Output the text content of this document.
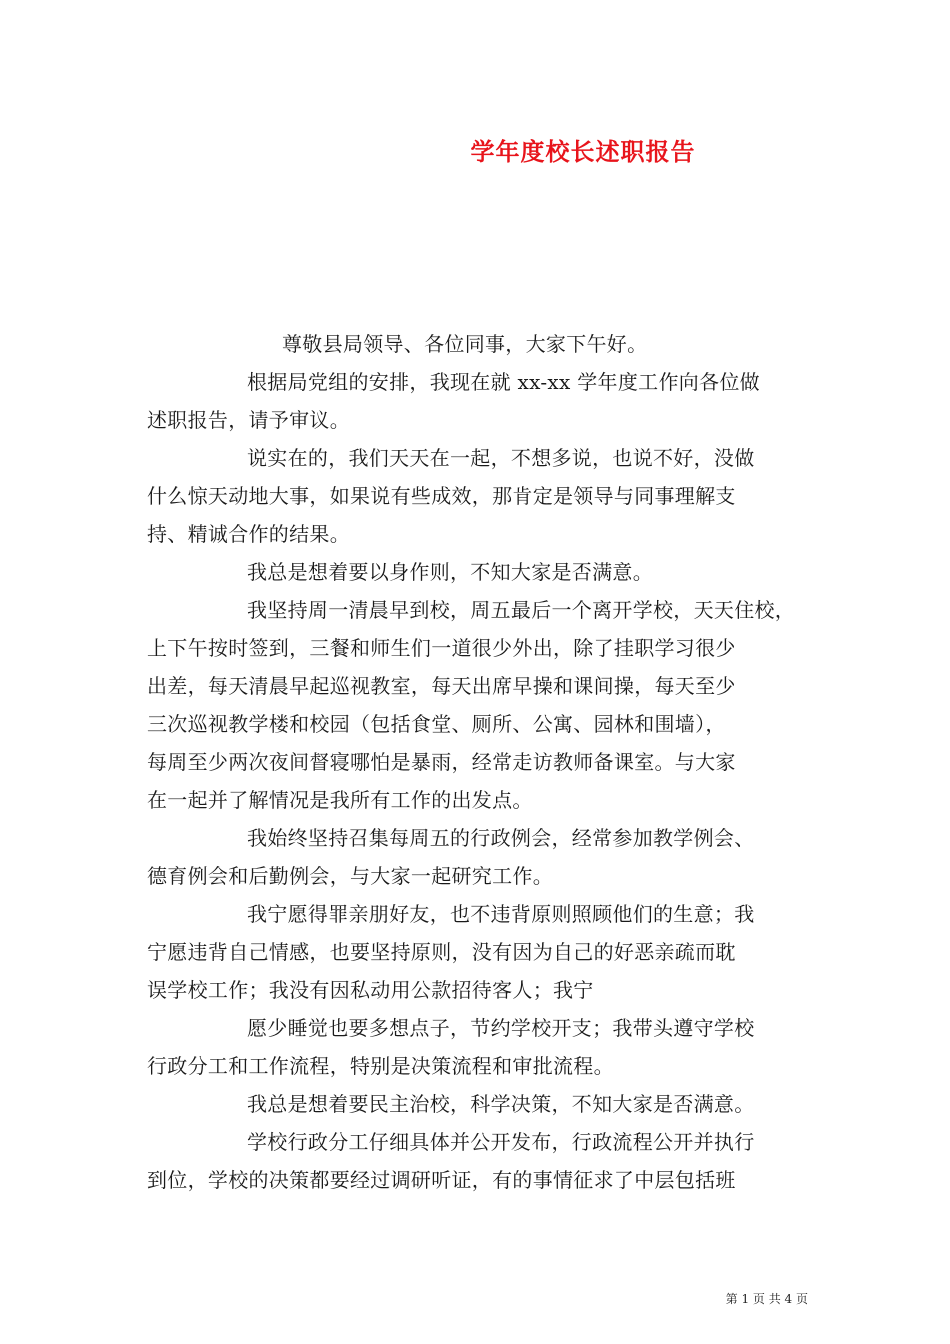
学年度校长述职报告
尊敬县局领导、各位同事，大家下午好。
根据局党组的安排，我现在就 xx-xx 学年度工作向各位做
述职报告，请予审议。
说实在的，我们天天在一起，不想多说，也说不好，没做
什么惊天动地大事，如果说有些成效，那肯定是领导与同事理解支
持、精诚合作的结果。
我总是想着要以身作则，不知大家是否满意。
我坚持周一清晨早到校，周五最后一个离开学校，天天住校，
上下午按时签到，三餐和师生们一道很少外出，除了挂职学习很少
出差，每天清晨早起巡视教室，每天出席早操和课间操，每天至少
三次巡视教学楼和校园（包括食堂、厕所、公寓、园林和围墙），
每周至少两次夜间督寝哪怕是暴雨，经常走访教师备课室。与大家
在一起并了解情况是我所有工作的出发点。
我始终坚持召集每周五的行政例会，经常参加教学例会、
德育例会和后勤例会，与大家一起研究工作。
我宁愿得罪亲朋好友，也不违背原则照顾他们的生意；我
宁愿违背自己情感，也要坚持原则，没有因为自己的好恶亲疏而耽
误学校工作；我没有因私动用公款招待客人；我宁
愿少睡觉也要多想点子，节约学校开支；我带头遵守学校
行政分工和工作流程，特别是决策流程和审批流程。
我总是想着要民主治校，科学决策，不知大家是否满意。
学校行政分工仔细具体并公开发布，行政流程公开并执行
到位，学校的决策都要经过调研听证，有的事情征求了中层包括班
第 1 页 共 4 页
